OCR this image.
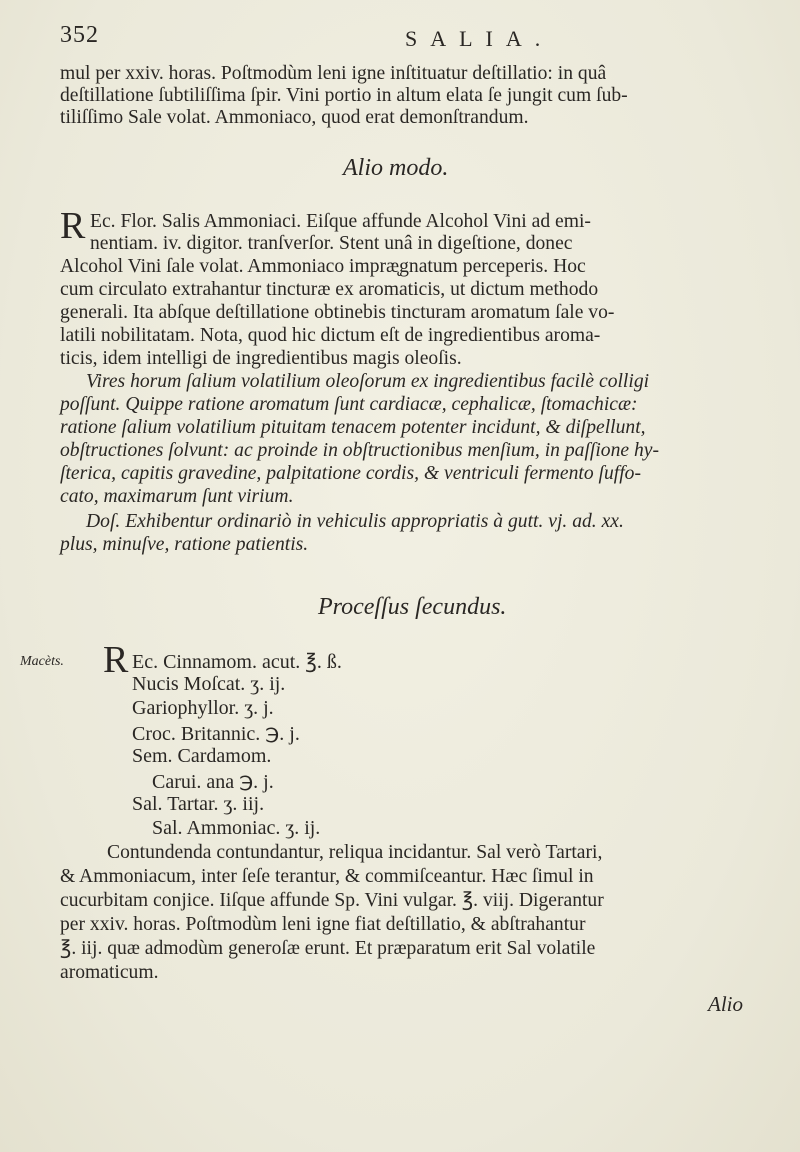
352	SALIA.
mul per xxiv. horas. Poſtmodùm leni igne inſtituatur deſtillatio: in quâ
deſtillatione ſubtiliſſima ſpir. Vini portio in altum elata ſe jungit cum ſub-
tiliſſimo Sale volat. Ammoniaco, quod erat demonſtrandum.
Alio modo.
R Ec. Flor. Salis Ammoniaci. Eiſque affunde Alcohol Vini ad emi-
nentiam. iv. digitor. tranſverſor. Stent unâ in digeſtione, donec
Alcohol Vini ſale volat. Ammoniaco impræ̨gnatum perceperis. Hoc
cum circulato extrahantur tincturæ ex aromaticis, ut dictum methodo
generali. Ita abſque deſtillatione obtinebis tincturam aromatum ſale vo-
latili nobilitatam. Nota, quod hic dictum eſt de ingredientibus aroma-
ticis, idem intelligi de ingredientibus magis oleoſis.
Vires horum ſalium volatilium oleoſorum ex ingredientibus facilè colligi
poſſunt. Quippe ratione aromatum ſunt cardiacæ, cephalicæ, ſtomachicæ:
ratione ſalium volatilium pituitam tenacem potenter incidunt, & diſpellunt,
obſtructiones ſolvunt: ac proinde in obſtructionibus menſium, in paſſione hy-
ſterica, capitis gravedine, palpitatione cordis, & ventriculi fermento ſuffo-
cato, maximarum ſunt virium.
Doſ. Exhibentur ordinariò in vehiculis appropriatis à gutt. vj. ad. xx.
plus, minuſve, ratione patientis.
Proceſſus ſecundus.
Macèts. R Ec. Cinnamom. acut. ℥. ß.
Nucis Moſcat. ʒ. ij.
Gariophyllor. ʒ. j.
Croc. Britannic. ℈. j.
Sem. Cardamom.
Carui. ana ℈. j.
Sal. Tartar. ʒ. iij.
Sal. Ammoniac. ʒ. ij.
Contundenda contundantur, reliqua incidantur. Sal verò Tartari,
& Ammoniacum, inter ſeſe terantur, & commiſceantur. Hæc ſimul in
cucurbitam conjice. Iiſque affunde Sp. Vini vulgar. ℥. viij. Digerantur
per xxiv. horas. Poſtmodùm leni igne fiat deſtillatio, & abſtrahantur
℥. iij. quæ admodùm generoſæ erunt. Et præparatum erit Sal volatile
aromaticum.
Alio
